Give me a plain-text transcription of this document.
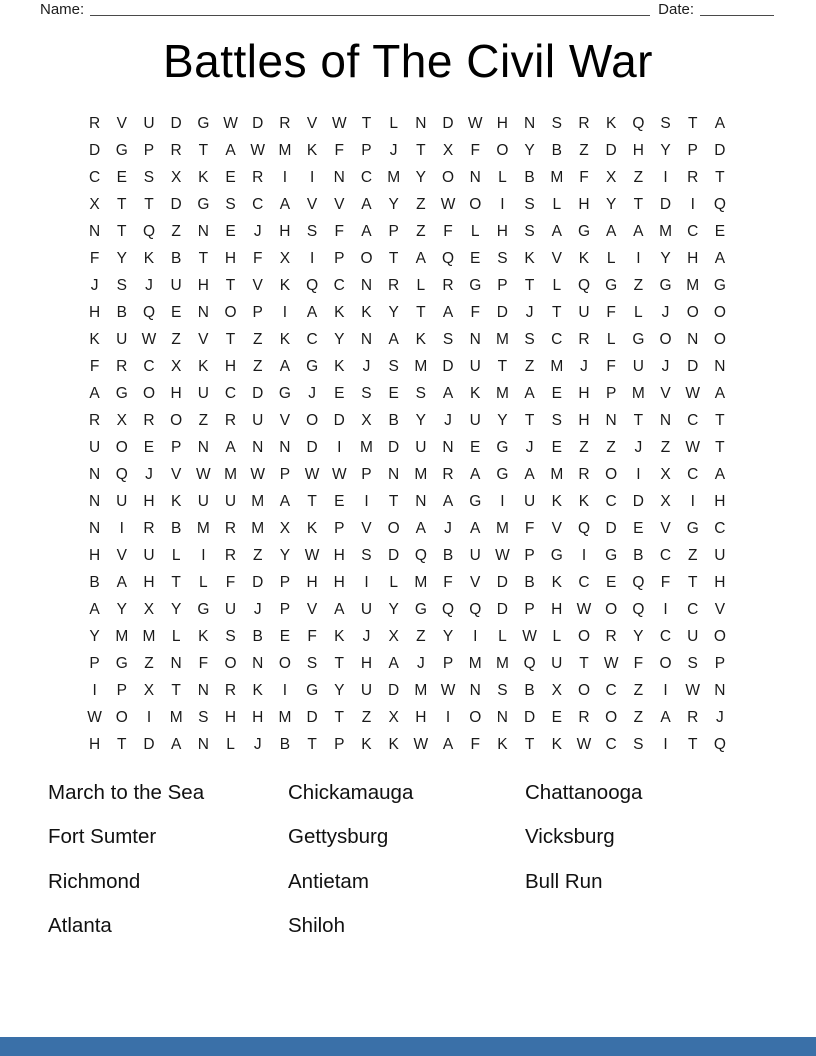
Name:	Date:
Battles of The Civil War
R	V	U	D	G W D	R	V W T	L	N	D W H	N	S	R	K	Q	S	T	A
D	G	P	R	T	A W M	K	F	P	J	T	X	F	O	Y	B	Z	D	H	Y	P	D
C	E	S	X	K	E	R	I	I	N	C M	Y	O	N	L	B	M	F	X	Z	I	R	T
X	T	T	D	G	S	C	A	V	V	A	Y	Z W O	I	S	L	H	Y	T	D	I	Q
N	T	Q	Z	N	E	J	H	S	F	A	P	Z	F	L	H	S	A	G	A	A	M C	E
F	Y	K	B	T	H	F	X	I	P	O	T	A	Q	E	S	K	V	K	L	I	Y	H	A
J	S	J	U	H	T	V	K	Q	C	N	R	L	R	G	P	T	L	Q G	Z	G M G
H	B	Q	E	N	O	P	I	A	K	K	Y	T	A	F	D	J	T	U	F	L	J	O O
K	U W Z	V	T	Z	K	C	Y	N	A	K	S	N M	S	C	R	L	G O	N	O
F	R	C	X	K	H	Z	A	G	K	J	S	M D	U	T	Z	M	J	F	U	J	D	N
A	G O	H	U	C	D	G	J	E	S	E	S	A	K	M	A	E	H	P	M	V W A
R	X	R	O	Z	R	U	V	O	D	X	B	Y	J	U	Y	T	S	H	N	T	N	C	T
U	O	E	P	N	A	N	N	D	I	M D	U	N	E	G	J	E	Z	Z	J	Z W T
N	Q	J	V W M W P W W P	N M R	A	G	A	M R	O	I	X	C	A
N	U	H	K	U	U M	A	T	E	I	T	N	A	G	I	U	K	K	C	D	X	I	H
N	I	R	B	M R M	X	K	P	V	O	A	J	A	M	F	V	Q	D	E	V	G	C
H	V	U	L	I	R	Z	Y W H	S	D	Q	B	U W P	G	I	G	B	C	Z	U
B	A	H	T	L	F	D	P	H	H	I	L	M	F	V	D	B	K	C	E	Q	F	T	H
A	Y	X	Y	G	U	J	P	V	A	U	Y	G Q Q	D	P	H W O Q	I	C	V
Y	M M	L	K	S	B	E	F	K	J	X	Z	Y	I	L	W	L	O	R	Y	C	U	O
P	G	Z	N	F	O	N	O	S	T	H	A	J	P	M M Q	U	T W F	O	S	P
I	P	X	T	N	R	K	I	G	Y	U	D M W N	S	B	X	O	C	Z	I	W N
W O	I	M	S	H	H M D	T	Z	X	H	I	O	N	D	E	R	O	Z	A	R	J
H	T	D	A	N	L	J	B	T	P	K	K W A	F	K	T	K W C	S	I	T	Q
March to the Sea
Fort Sumter
Richmond
Atlanta
Chickamauga
Gettysburg
Antietam
Shiloh
Chattanooga
Vicksburg
Bull Run
